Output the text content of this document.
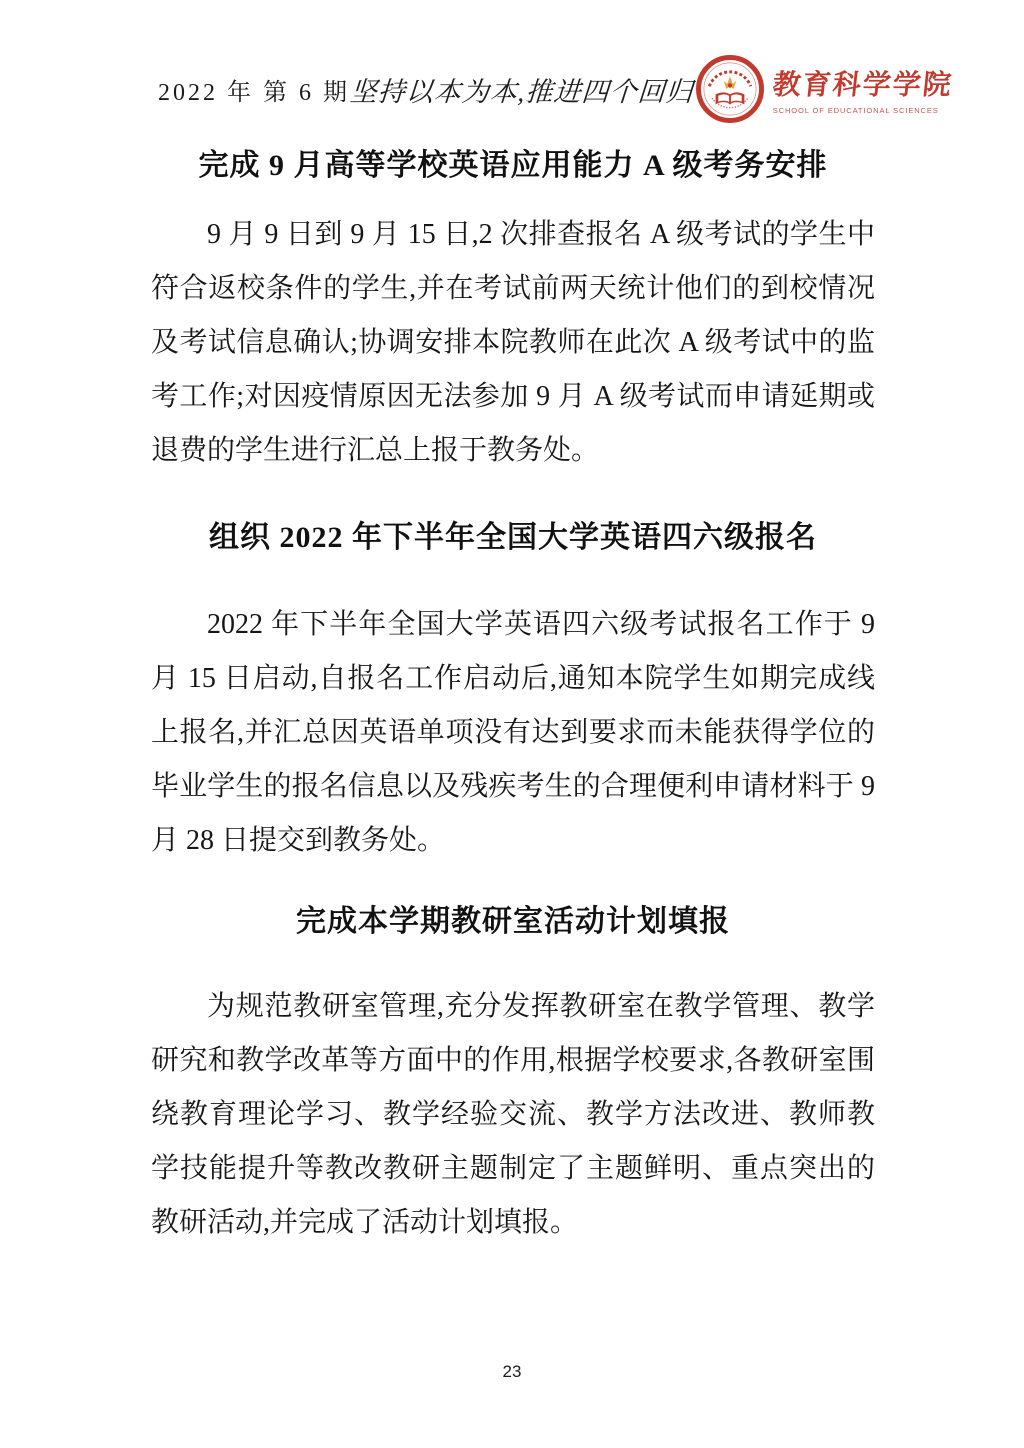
2022 年 第 6 期
坚持以本为本,推进四个回归	教育科学学院
SCHOOL OF EDUCATIONAL SCIENCES
完成 9 月高等学校英语应用能力 A 级考务安排

9 月 9 日到 9 月 15 日,2 次排查报名 A 级考试的学生中符合返校条件的学生,并在考试前两天统计他们的到校情况及考试信息确认;协调安排本院教师在此次 A 级考试中的监考工作;对因疫情原因无法参加 9 月 A 级考试而申请延期或退费的学生进行汇总上报于教务处。

组织 2022 年下半年全国大学英语四六级报名

2022 年下半年全国大学英语四六级考试报名工作于 9 月 15 日启动,自报名工作启动后,通知本院学生如期完成线上报名,并汇总因英语单项没有达到要求而未能获得学位的毕业学生的报名信息以及残疾考生的合理便利申请材料于 9 月 28 日提交到教务处。

完成本学期教研室活动计划填报

为规范教研室管理,充分发挥教研室在教学管理、教学研究和教学改革等方面中的作用,根据学校要求,各教研室围绕教育理论学习、教学经验交流、教学方法改进、教师教学技能提升等教改教研主题制定了主题鲜明、重点突出的教研活动,并完成了活动计划填报。

23
